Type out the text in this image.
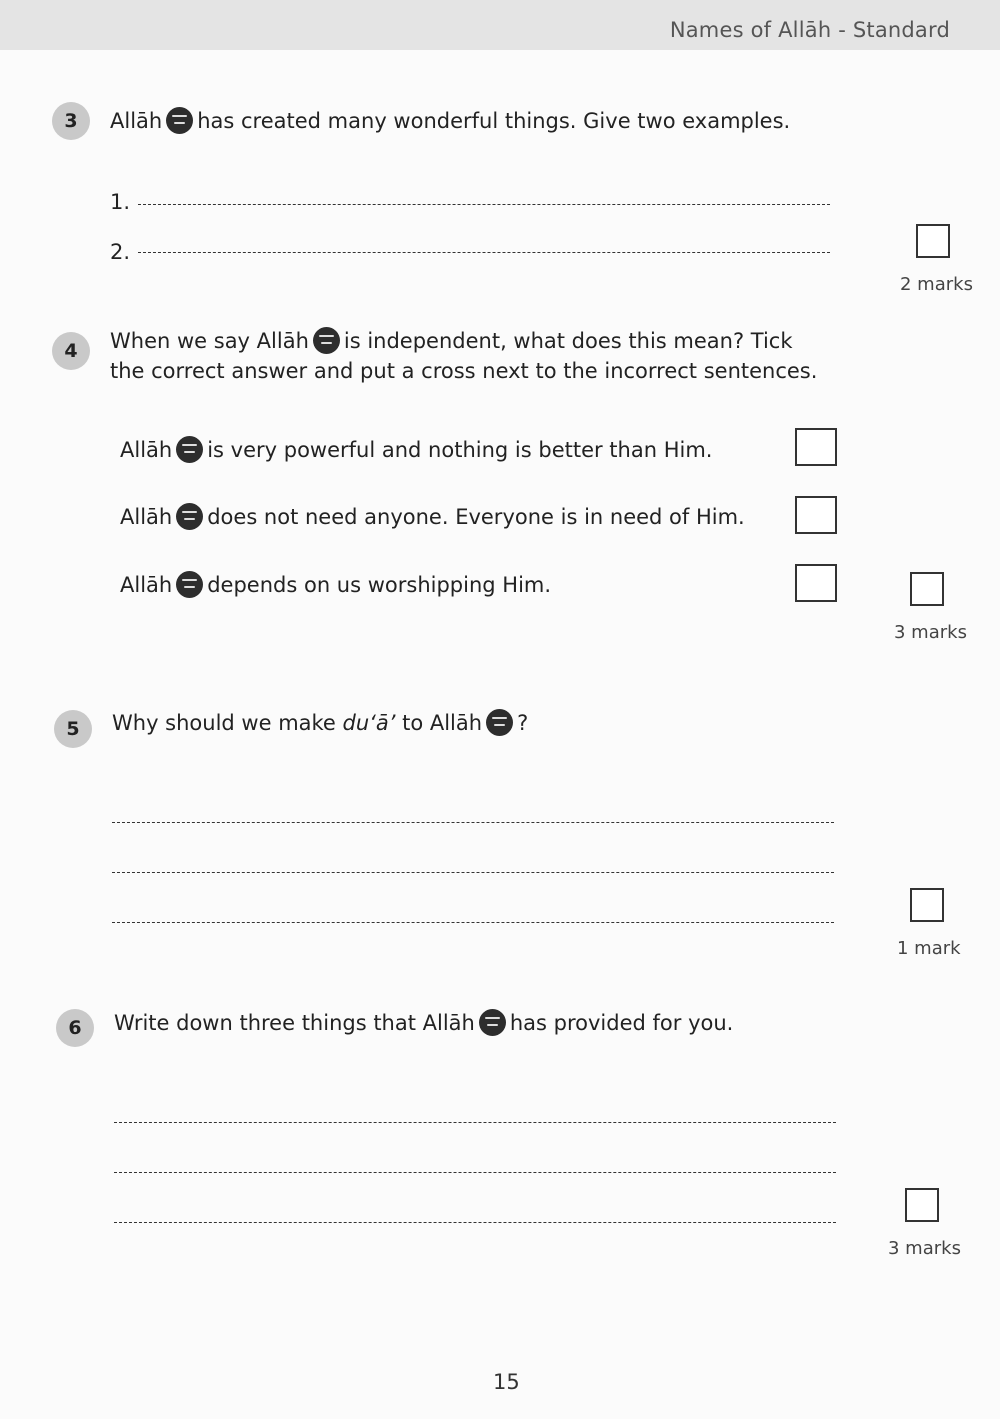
Names of Allāh - Standard
3	Allāh has created many wonderful things. Give two examples.
1.
2.
2 marks
4	When we say Allāh is independent, what does this mean? Tick
the correct answer and put a cross next to the incorrect sentences.
Allāh is very powerful and nothing is better than Him.
Allāh does not need anyone. Everyone is in need of Him.
Allāh depends on us worshipping Him.
3 marks
5	Why should we make du‘ā’ to Allāh ?
1 mark
6	Write down three things that Allāh has provided for you.
3 marks
15
